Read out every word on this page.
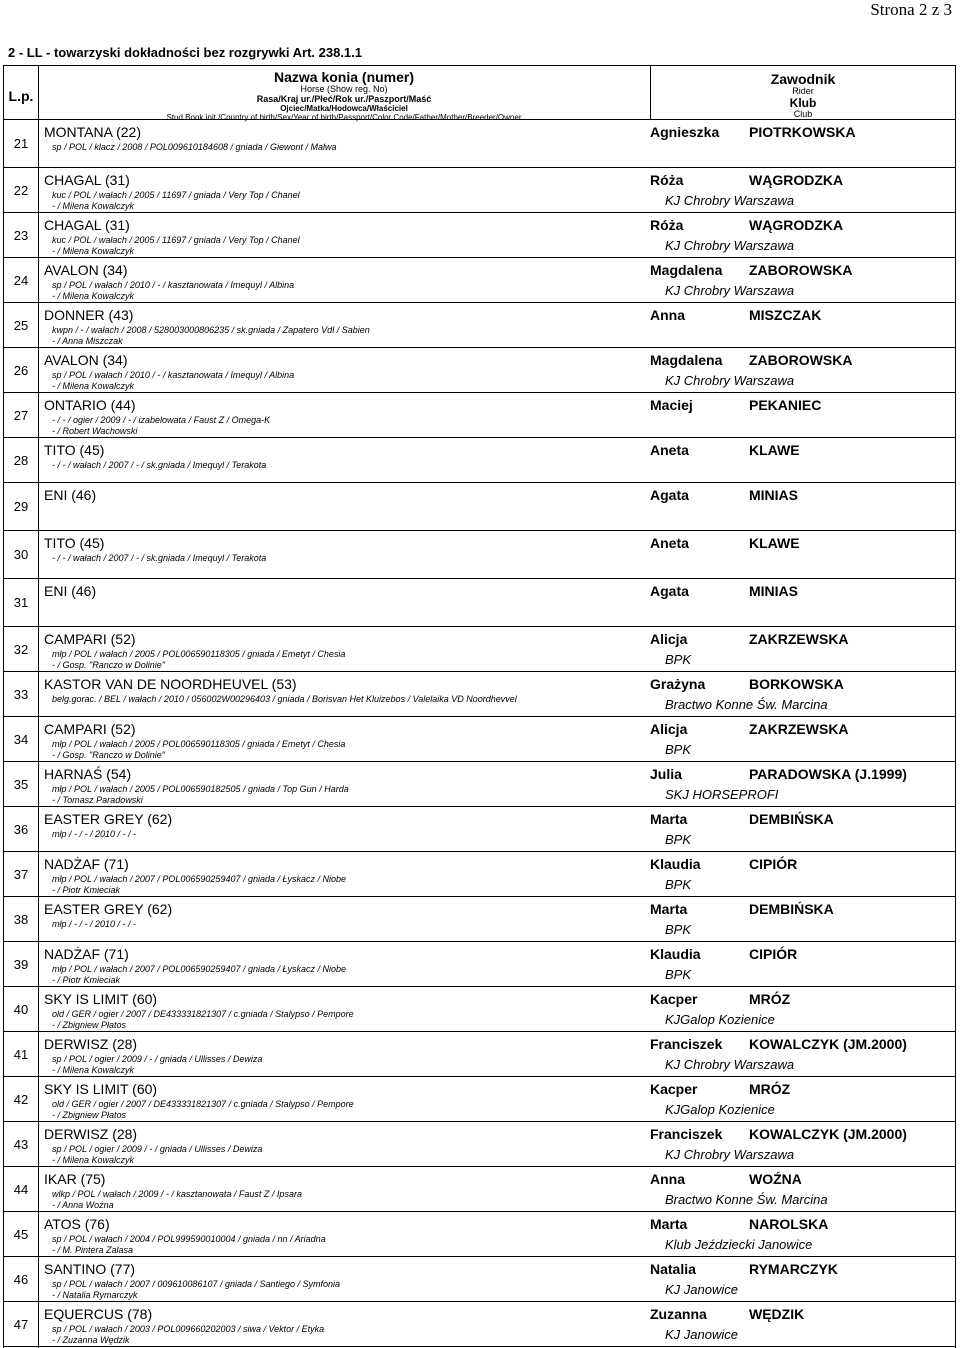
Strona 2 z 3
2 - LL - towarzyski dokładności bez rozgrywki Art. 238.1.1
L.p.
Nazwa konia (numer)
Horse (Show reg. No)
Rasa/Kraj ur./Płeć/Rok ur./Paszport/Maść
Ojciec/Matka/Hodowca/Właściciel
Stud Book init./Country of birth/Sex/Year of birth/Passport/Color Code/Father/Mother/Breeder/Owner
Zawodnik
Rider
Klub
Club
21
MONTANA (22)
sp / POL / klacz / 2008 / POL009610184608 / gniada / Giewont / Malwa
Agnieszka PIOTRKOWSKA
22
CHAGAL (31)
kuc / POL / wałach / 2005 / 11697 / gniada / Very Top / Chanel
- / Milena Kowalczyk
Róża	WĄGRODZKA
KJ Chrobry Warszawa
23
CHAGAL (31)
kuc / POL / wałach / 2005 / 11697 / gniada / Very Top / Chanel
- / Milena Kowalczyk
Róża	WĄGRODZKA
KJ Chrobry Warszawa
24
AVALON (34)
sp / POL / wałach / 2010 / - / kasztanowata / Imequyl / Albina
- / Milena Kowalczyk
Magdalena ZABOROWSKA
KJ Chrobry Warszawa
25
DONNER (43)
kwpn / - / wałach / 2008 / 528003000806235 / sk.gniada / Zapatero Vdl / Sabien
- / Anna Miszczak
Anna	MISZCZAK
26
AVALON (34)
sp / POL / wałach / 2010 / - / kasztanowata / Imequyl / Albina
- / Milena Kowalczyk
Magdalena ZABOROWSKA
KJ Chrobry Warszawa
27
ONTARIO (44)
- / - / ogier / 2009 / - / izabelowata / Faust Z / Omega-K
- / Robert Wachowski
Maciej	PEKANIEC
28
TITO (45)
- / - / wałach / 2007 / - / sk.gniada / Imequyl / Terakota
Aneta	KLAWE
29
ENI (46)	Agata	MINIAS
30
TITO (45)
- / - / wałach / 2007 / - / sk.gniada / Imequyl / Terakota
Aneta	KLAWE
31
ENI (46)	Agata	MINIAS
32
CAMPARI (52)
młp / POL / wałach / 2005 / POL006590118305 / gniada / Emetyt / Chesia
- / Gosp. "Ranczo w Dolinie"
Alicja	ZAKRZEWSKA
BPK
33
KASTOR VAN DE NOORDHEUVEL (53)
belg.gorac. / BEL / wałach / 2010 / 056002W00296403 / gniada / Borisvan Het Kluizebos / Valelaika VD Noordhevvel
Grażyna	BORKOWSKA
Bractwo Konne Św. Marcina
34
CAMPARI (52)
młp / POL / wałach / 2005 / POL006590118305 / gniada / Emetyt / Chesia
- / Gosp. "Ranczo w Dolinie"
Alicja	ZAKRZEWSKA
BPK
35
HARNAŚ (54)
młp / POL / wałach / 2005 / POL006590182505 / gniada / Top Gun / Harda
- / Tomasz Paradowski
Julia	PARADOWSKA (J.1999)
SKJ HORSEPROFI
36
EASTER GREY (62)
młp / - / - / 2010 / - / -
Marta	DEMBIŃSKA
BPK
37
NADŻAF (71)
młp / POL / wałach / 2007 / POL006590259407 / gniada / Łyskacz / Niobe
- / Piotr Kmieciak
Klaudia	CIPIÓR
BPK
38
EASTER GREY (62)
młp / - / - / 2010 / - / -
Marta	DEMBIŃSKA
BPK
39
NADŻAF (71)
młp / POL / wałach / 2007 / POL006590259407 / gniada / Łyskacz / Niobe
- / Piotr Kmieciak
Klaudia	CIPIÓR
BPK
40
SKY IS LIMIT (60)
old / GER / ogier / 2007 / DE433331821307 / c.gniada / Stalypso / Pempore
- / Zbigniew Płatos
Kacper	MRÓZ
KJGalop Kozienice
41
DERWISZ (28)
sp / POL / ogier / 2009 / - / gniada / Ullisses / Dewiza
- / Milena Kowalczyk
Franciszek KOWALCZYK (JM.2000)
KJ Chrobry Warszawa
42
SKY IS LIMIT (60)
old / GER / ogier / 2007 / DE433331821307 / c.gniada / Stalypso / Pempore
- / Zbigniew Płatos
Kacper	MRÓZ
KJGalop Kozienice
43
DERWISZ (28)
sp / POL / ogier / 2009 / - / gniada / Ullisses / Dewiza
- / Milena Kowalczyk
Franciszek KOWALCZYK (JM.2000)
KJ Chrobry Warszawa
44
IKAR (75)
wlkp / POL / wałach / 2009 / - / kasztanowata / Faust Z / Ipsara
- / Anna Wożna
Anna	WOŹNA
Bractwo Konne Św. Marcina
45
ATOS (76)
sp / POL / wałach / 2004 / POL999590010004 / gniada / nn / Ariadna
- / M. Pintera Zalasa
Marta	NAROLSKA
Klub Jeździecki Janowice
46
SANTINO (77)
sp / POL / wałach / 2007 / 009610086107 / gniada / Santiego / Symfonia
- / Natalia Rymarczyk
Natalia	RYMARCZYK
KJ Janowice
47
EQUERCUS (78)
sp / POL / wałach / 2003 / POL009660202003 / siwa / Vektor / Etyka
- / Zuzanna Wędzik
Zuzanna	WĘDZIK
KJ Janowice
